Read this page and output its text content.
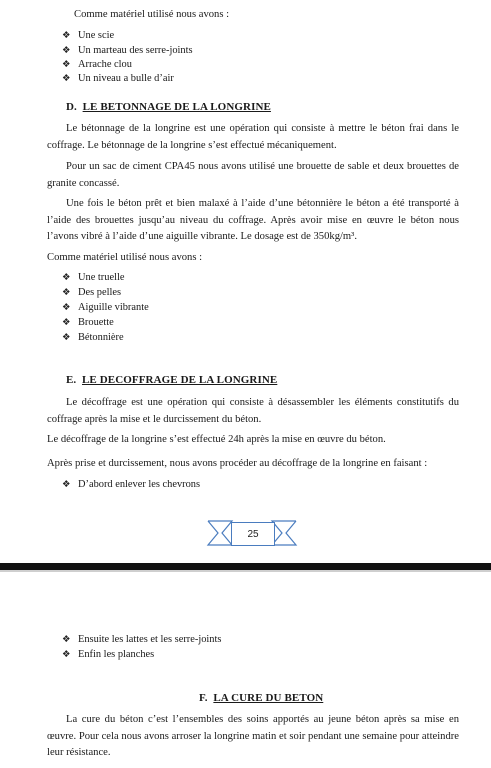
Comme matériel utilisé nous avons :
❖ Une scie
❖ Un marteau des serre-joints
❖ Arrache clou
❖ Un niveau a bulle d’air
D. LE BETONNAGE DE LA LONGRINE
Le bétonnage de la longrine est une opération qui consiste à mettre le béton frai dans le coffrage. Le bétonnage de la longrine s’est effectué mécaniquement.
Pour un sac de ciment CPA45 nous avons utilisé une brouette de sable et deux brouettes de granite concassé.
Une fois le béton prêt et bien malaxé à l’aide d’une bétonnière le béton a été transporté à l’aide des brouettes jusqu’au niveau du coffrage. Après avoir mise en œuvre le béton nous l’avons vibré à l’aide d’une aiguille vibrante. Le dosage est de 350kg/m³.
Comme matériel utilisé nous avons :
❖ Une truelle
❖ Des pelles
❖ Aiguille vibrante
❖ Brouette
❖ Bétonnière
E. LE DECOFFRAGE DE LA LONGRINE
Le décoffrage est une opération qui consiste à désassembler les éléments constitutifs du coffrage après la mise et le durcissement du béton.
Le décoffrage de la longrine s’est effectué 24h après la mise en œuvre du béton.
Après prise et durcissement, nous avons procéder au décoffrage de la longrine en faisant :
❖ D’abord enlever les chevrons
25
❖ Ensuite les lattes et les serre-joints
❖ Enfin les planches
F. LA CURE DU BETON
La cure du béton c’est l’ensembles des soins apportés au jeune béton après sa mise en œuvre. Pour cela nous avons arroser la longrine matin et soir pendant une semaine pour atteindre leur résistance.
